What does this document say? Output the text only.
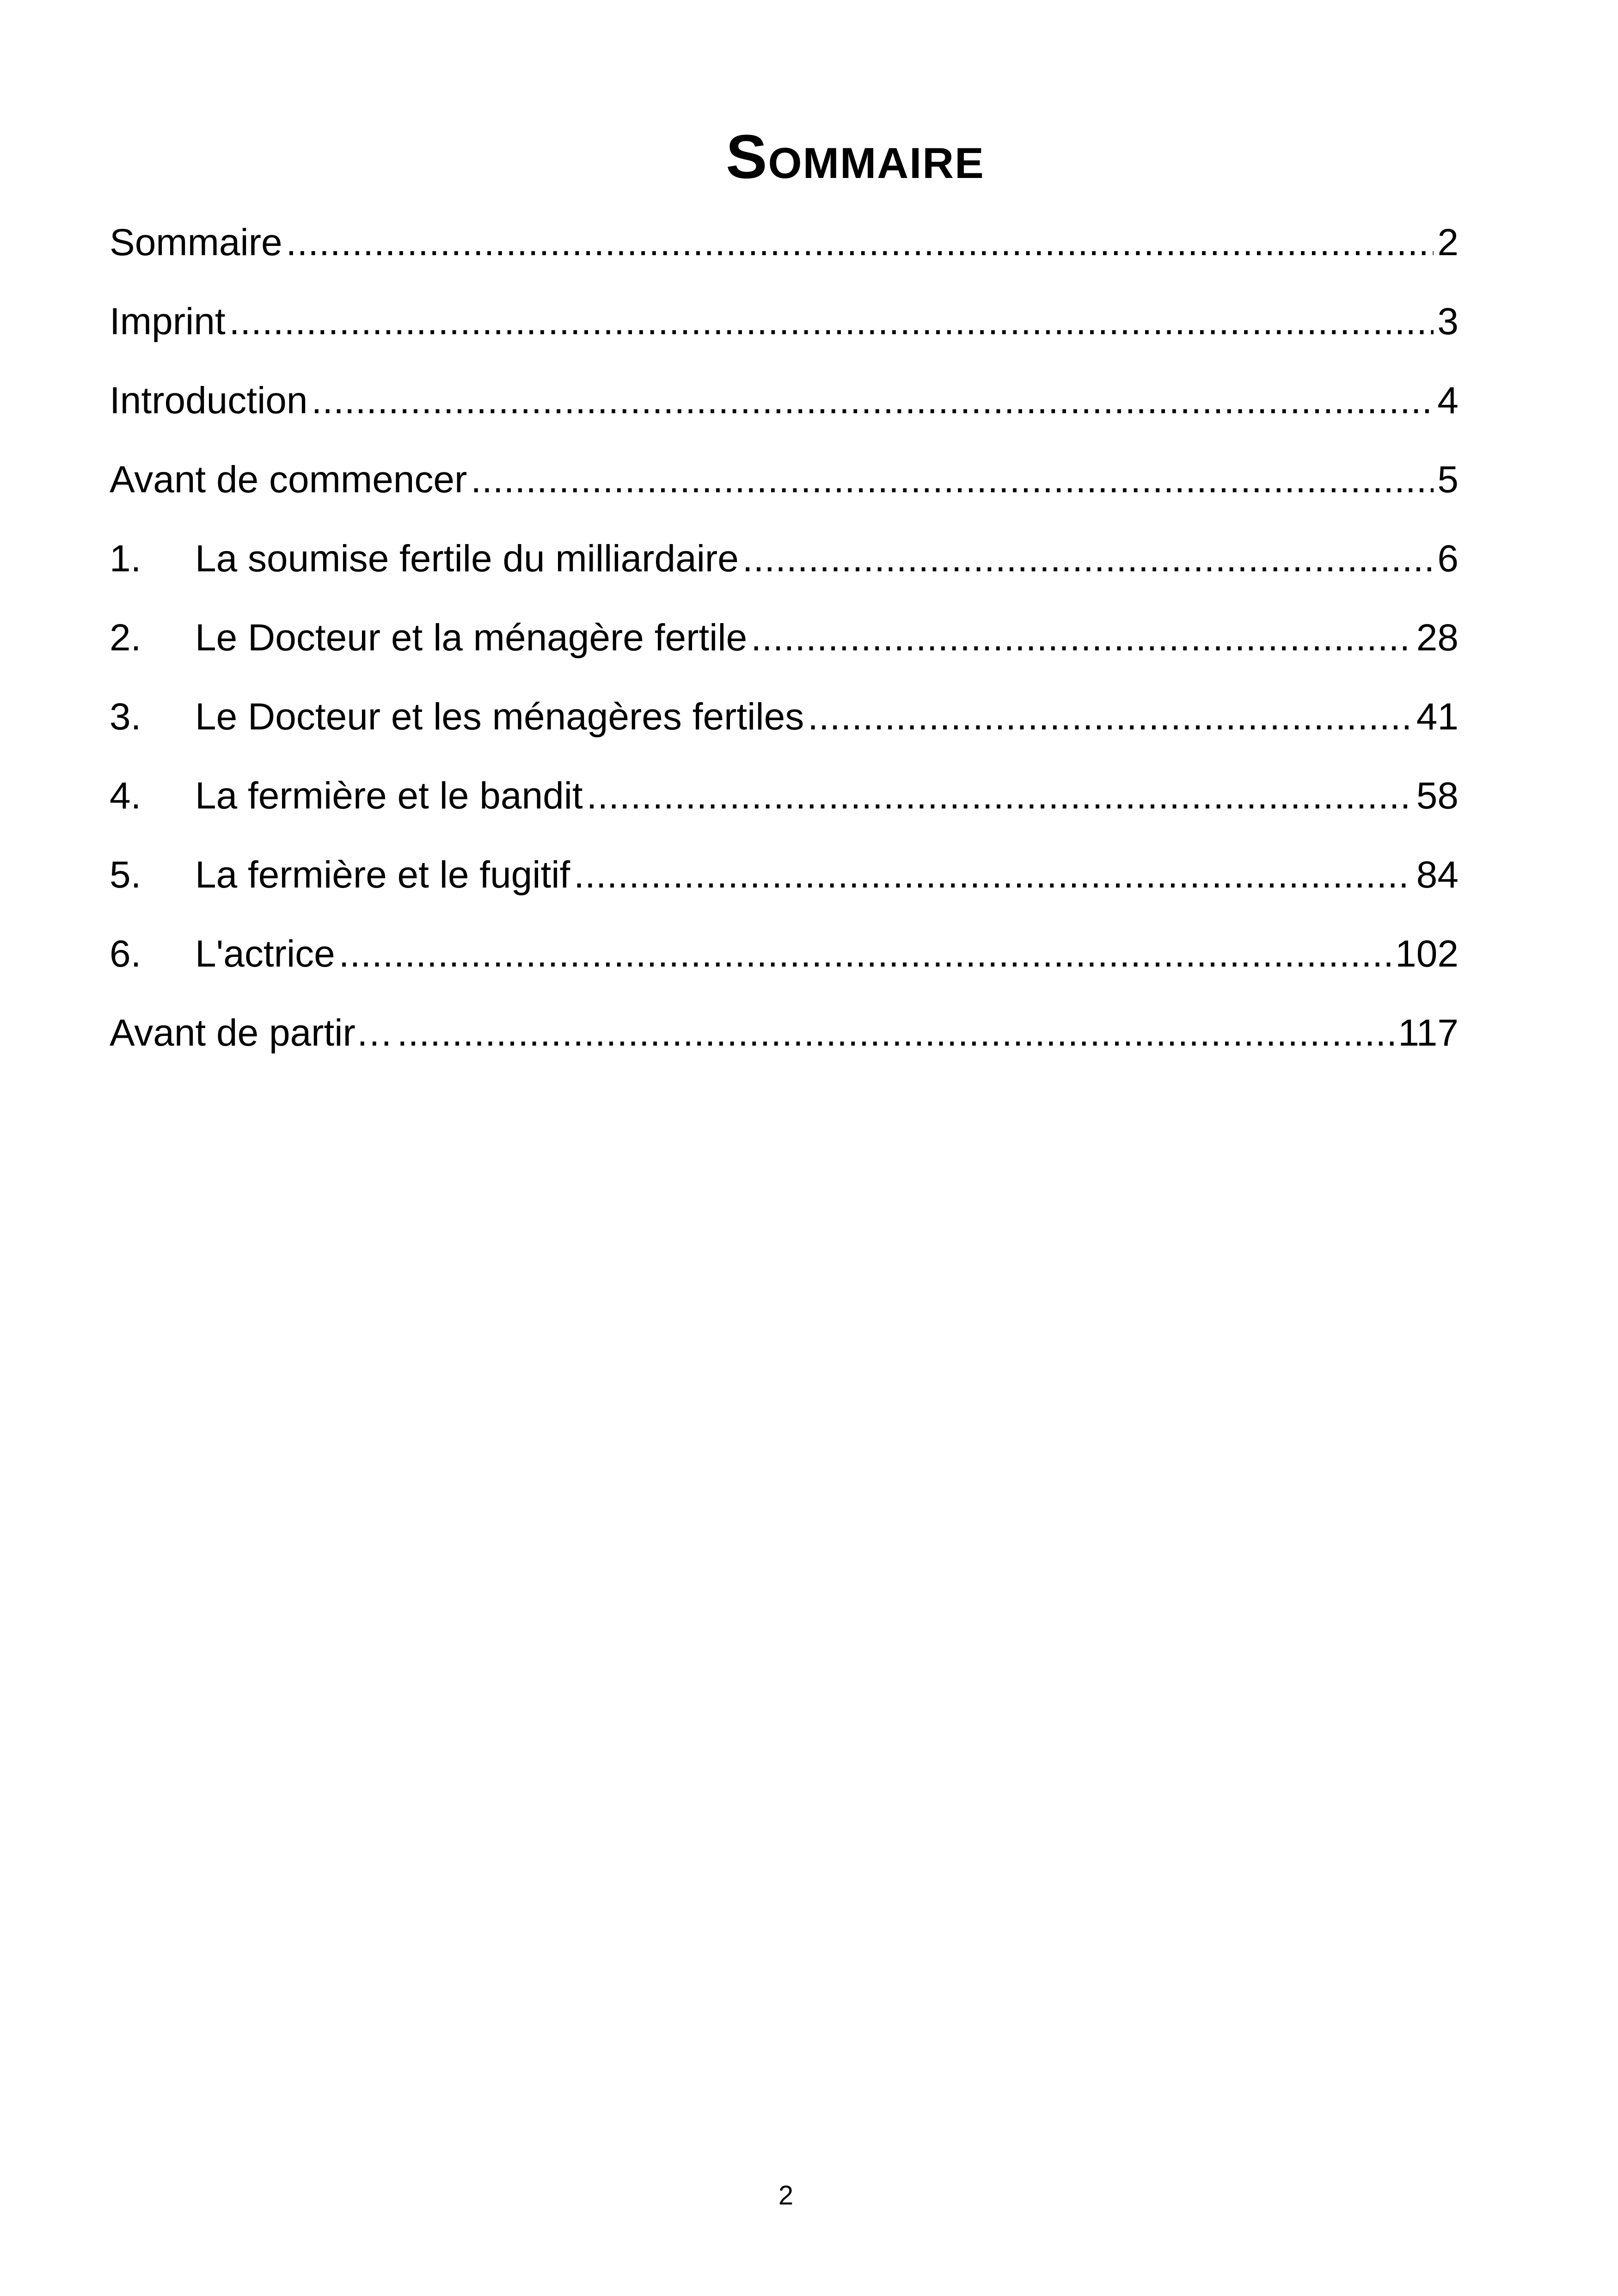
Sommaire
Sommaire .....	2
Imprint .....	3
Introduction .....	4
Avant de commencer .....	5
1.	La soumise fertile du milliardaire .....	6
2.	Le Docteur et la ménagère fertile .....	28
3.	Le Docteur et les ménagères fertiles .....	41
4.	La fermière et le bandit .....	58
5.	La fermière et le fugitif .....	84
6.	L'actrice .....	102
Avant de partir… .....	117
2
